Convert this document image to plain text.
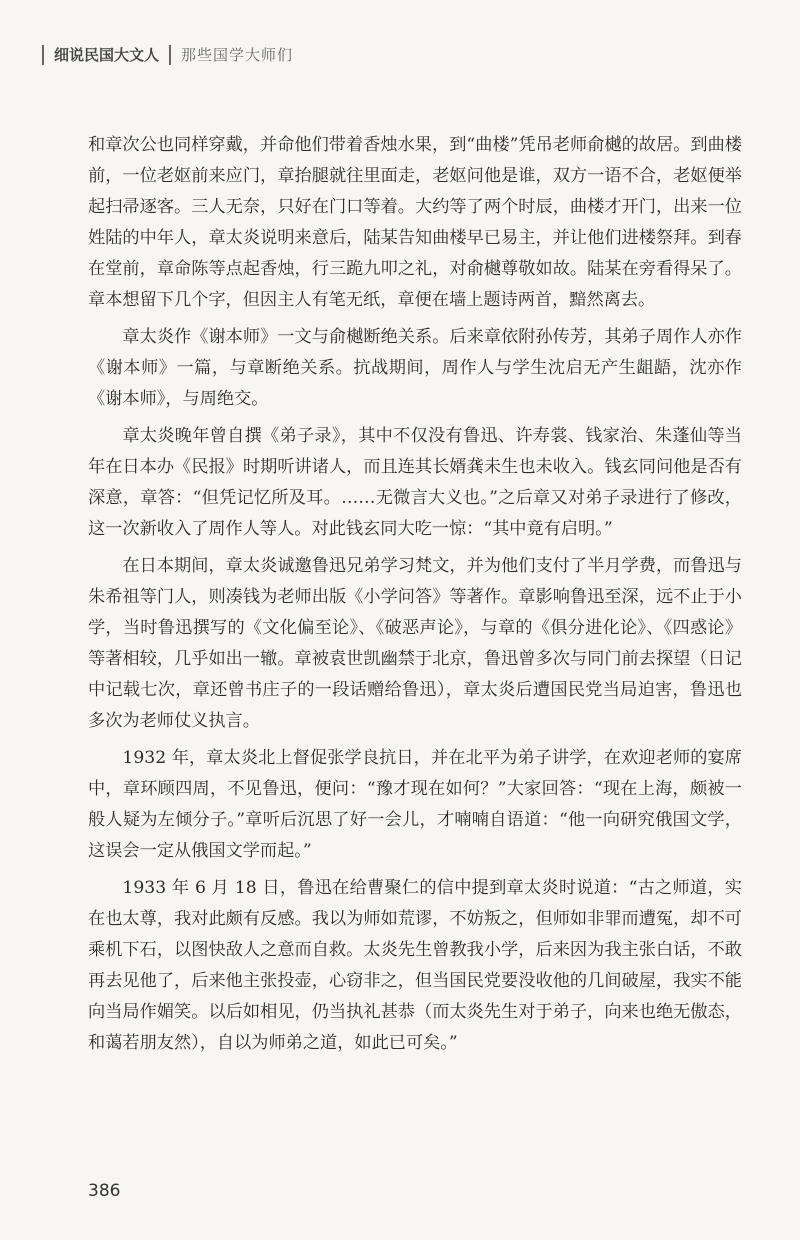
细说民国大文人 那些国学大师们

和章次公也同样穿戴，并命他们带着香烛水果，到“曲楼”凭吊老师俞樾的故居。到曲楼前，一位老妪前来应门，章抬腿就往里面走，老妪问他是谁，双方一语不合，老妪便举起扫帚逐客。三人无奈，只好在门口等着。大约等了两个时辰，曲楼才开门，出来一位姓陆的中年人，章太炎说明来意后，陆某告知曲楼早已易主，并让他们进楼祭拜。到春在堂前，章命陈等点起香烛，行三跪九叩之礼，对俞樾尊敬如故。陆某在旁看得呆了。章本想留下几个字，但因主人有笔无纸，章便在墙上题诗两首，黯然离去。

章太炎作《谢本师》一文与俞樾断绝关系。后来章依附孙传芳，其弟子周作人亦作《谢本师》一篇，与章断绝关系。抗战期间，周作人与学生沈启无产生龃龉，沈亦作《谢本师》，与周绝交。

章太炎晚年曾自撰《弟子录》，其中不仅没有鲁迅、许寿裳、钱家治、朱蓬仙等当年在日本办《民报》时期听讲诸人，而且连其长婿龚未生也未收入。钱玄同问他是否有深意，章答：“但凭记忆所及耳。……无微言大义也。”之后章又对弟子录进行了修改，这一次新收入了周作人等人。对此钱玄同大吃一惊：“其中竟有启明。”

在日本期间，章太炎诚邀鲁迅兄弟学习梵文，并为他们支付了半月学费，而鲁迅与朱希祖等门人，则凑钱为老师出版《小学问答》等著作。章影响鲁迅至深，远不止于小学，当时鲁迅撰写的《文化偏至论》、《破恶声论》，与章的《俱分进化论》、《四惑论》等著相较，几乎如出一辙。章被袁世凯幽禁于北京，鲁迅曾多次与同门前去探望（日记中记载七次，章还曾书庄子的一段话赠给鲁迅），章太炎后遭国民党当局迫害，鲁迅也多次为老师仗义执言。

1932 年，章太炎北上督促张学良抗日，并在北平为弟子讲学，在欢迎老师的宴席中，章环顾四周，不见鲁迅，便问：“豫才现在如何？”大家回答：“现在上海，颇被一般人疑为左倾分子。”章听后沉思了好一会儿，才喃喃自语道：“他一向研究俄国文学，这误会一定从俄国文学而起。”

1933 年 6 月 18 日，鲁迅在给曹聚仁的信中提到章太炎时说道：“古之师道，实在也太尊，我对此颇有反感。我以为师如荒谬，不妨叛之，但师如非罪而遭冤，却不可乘机下石，以图快敌人之意而自救。太炎先生曾教我小学，后来因为我主张白话，不敢再去见他了，后来他主张投壶，心窃非之，但当国民党要没收他的几间破屋，我实不能向当局作媚笑。以后如相见，仍当执礼甚恭（而太炎先生对于弟子，向来也绝无傲态，和蔼若朋友然），自以为师弟之道，如此已可矣。”

386
